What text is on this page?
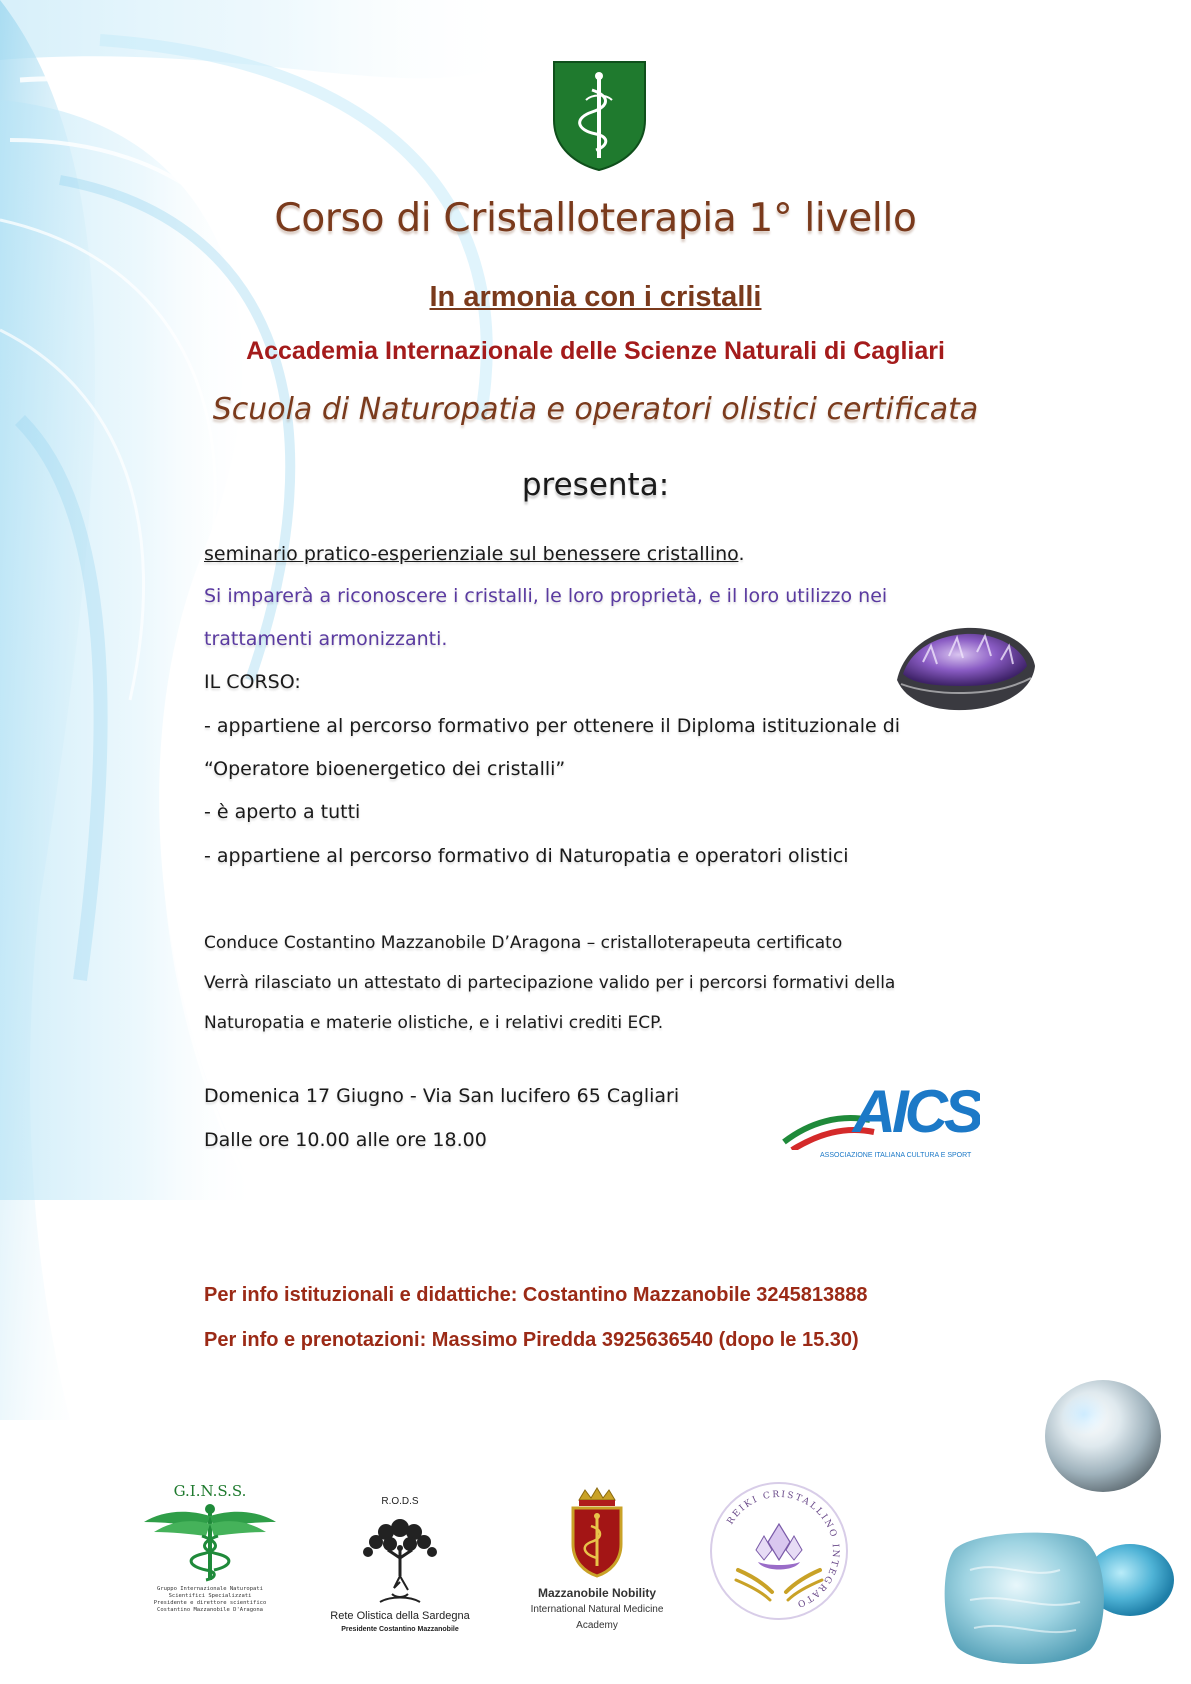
Corso di Cristalloterapia 1° livello
In armonia con i cristalli
Accademia Internazionale delle Scienze Naturali di Cagliari
Scuola di Naturopatia e operatori olistici certificata
presenta:
seminario pratico-esperienziale sul benessere cristallino.
Si imparerà a riconoscere i cristalli, le loro proprietà, e il loro utilizzo nei
trattamenti armonizzanti.
IL CORSO:
- appartiene al percorso formativo per ottenere il Diploma istituzionale di
“Operatore bioenergetico dei cristalli”
- è aperto a tutti
- appartiene al percorso formativo di Naturopatia e operatori olistici
Conduce Costantino Mazzanobile D’Aragona – cristalloterapeuta certificato
Verrà rilasciato un attestato di partecipazione valido per i percorsi formativi della
Naturopatia e materie olistiche, e i relativi crediti ECP.
Domenica 17 Giugno - Via San lucifero 65 Cagliari
Dalle ore 10.00 alle ore 18.00	AICS
ASSOCIAZIONE ITALIANA CULTURA E SPORT
Per info istituzionali e didattiche: Costantino Mazzanobile 3245813888
Per info e prenotazioni: Massimo Piredda 3925636540 (dopo le 15.30)
G.I.N.S.S.
Gruppo Internazionale Naturopati
Scientifici Specializzati
Presidente e direttore scientifico
Costantino Mazzanobile D'Aragona
R.O.D.S
Rete Olistica della Sardegna
Presidente Costantino Mazzanobile
Mazzanobile Nobility
International Natural Medicine
Academy
REIKI CRISTALLINO INTEGRATO
